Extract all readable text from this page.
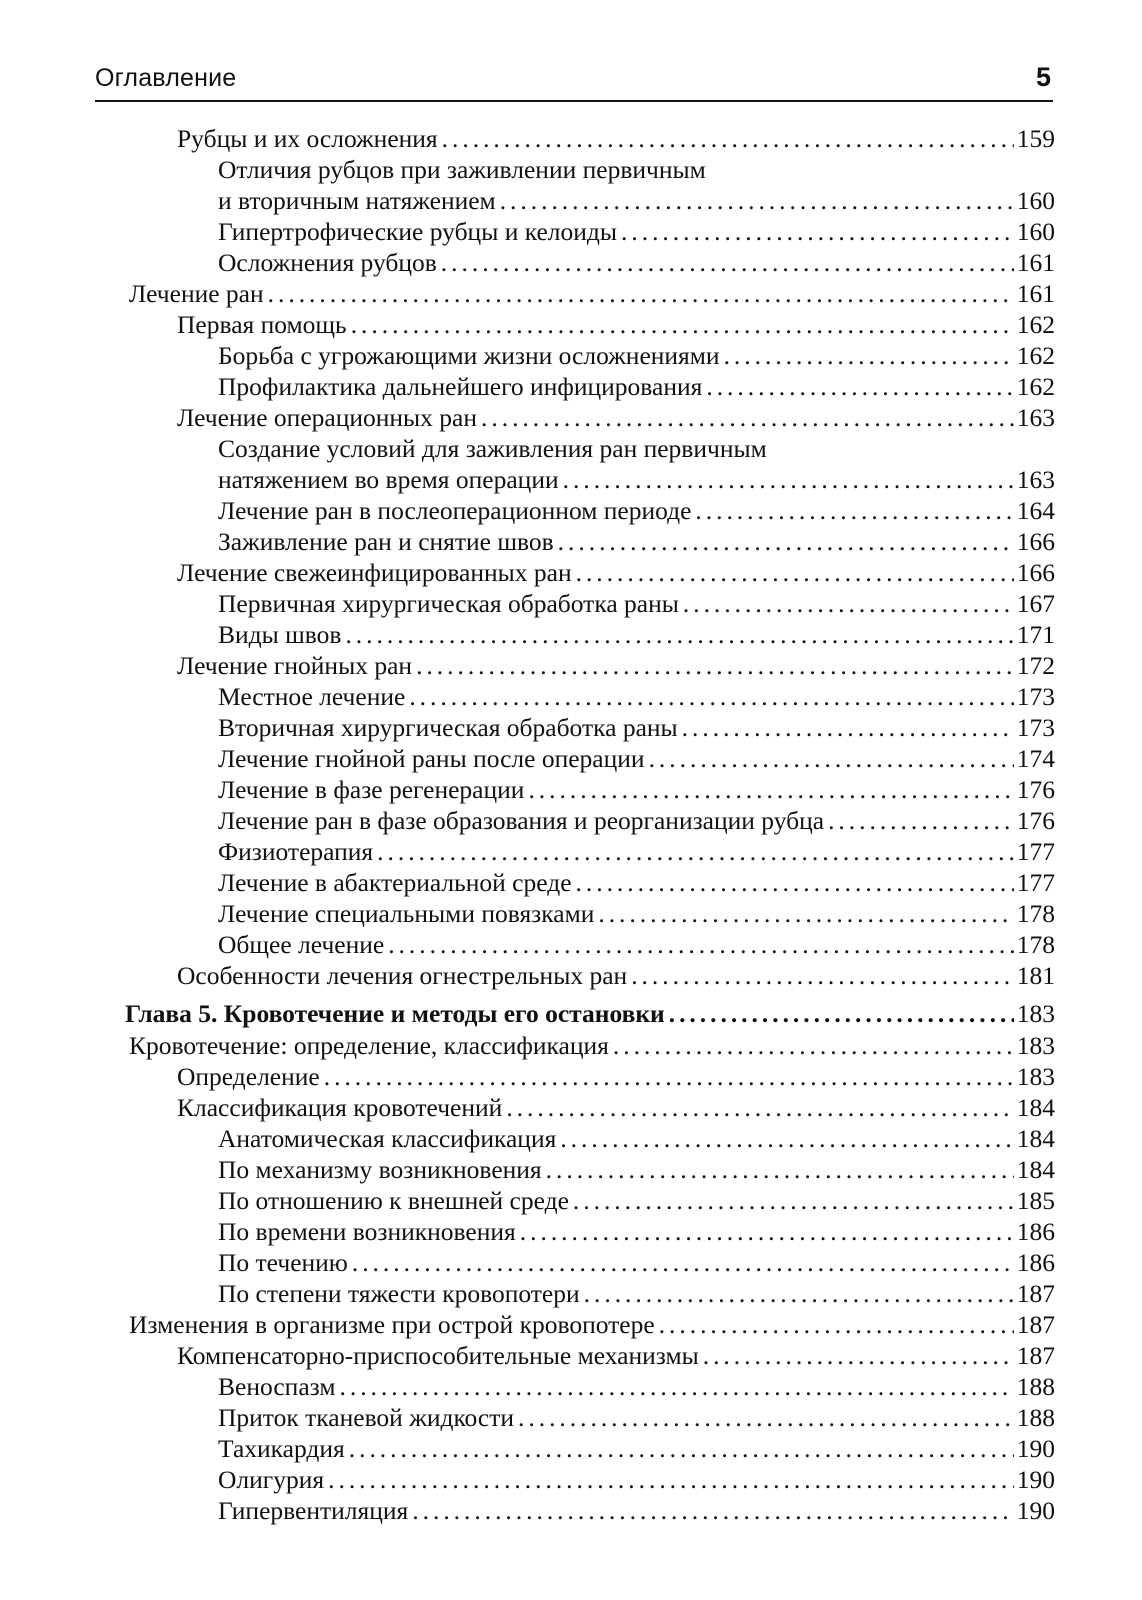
Оглавление	5
Рубцы и их осложнения . . .	159
Отличия рубцов при заживлении первичным
и вторичным натяжением . . .	160
Гипертрофические рубцы и келоиды . . .	160
Осложнения рубцов . . .	161
Лечение ран . . .	161
Первая помощь . . .	162
Борьба с угрожающими жизни осложнениями . . .	162
Профилактика дальнейшего инфицирования . . .	162
Лечение операционных ран . . .	163
Создание условий для заживления ран первичным
натяжением во время операции . . .	163
Лечение ран в послеоперационном периоде . . .	164
Заживление ран и снятие швов . . .	166
Лечение свежеинфицированных ран . . .	166
Первичная хирургическая обработка раны . . .	167
Виды швов . . .	171
Лечение гнойных ран . . .	172
Местное лечение . . .	173
Вторичная хирургическая обработка раны . . .	173
Лечение гнойной раны после операции . . .	174
Лечение в фазе регенерации . . .	176
Лечение ран в фазе образования и реорганизации рубца . . .	176
Физиотерапия . . .	177
Лечение в абактериальной среде . . .	177
Лечение специальными повязками . . .	178
Общее лечение . . .	178
Особенности лечения огнестрельных ран . . .	181
Глава 5. Кровотечение и методы его остановки . . .	183
Кровотечение: определение, классификация . . .	183
Определение . . .	183
Классификация кровотечений . . .	184
Анатомическая классификация . . .	184
По механизму возникновения . . .	184
По отношению к внешней среде . . .	185
По времени возникновения . . .	186
По течению . . .	186
По степени тяжести кровопотери . . .	187
Изменения в организме при острой кровопотере . . .	187
Компенсаторно-приспособительные механизмы . . .	187
Веноспазм . . .	188
Приток тканевой жидкости . . .	188
Тахикардия . . .	190
Олигурия . . .	190
Гипервентиляция . . .	190
